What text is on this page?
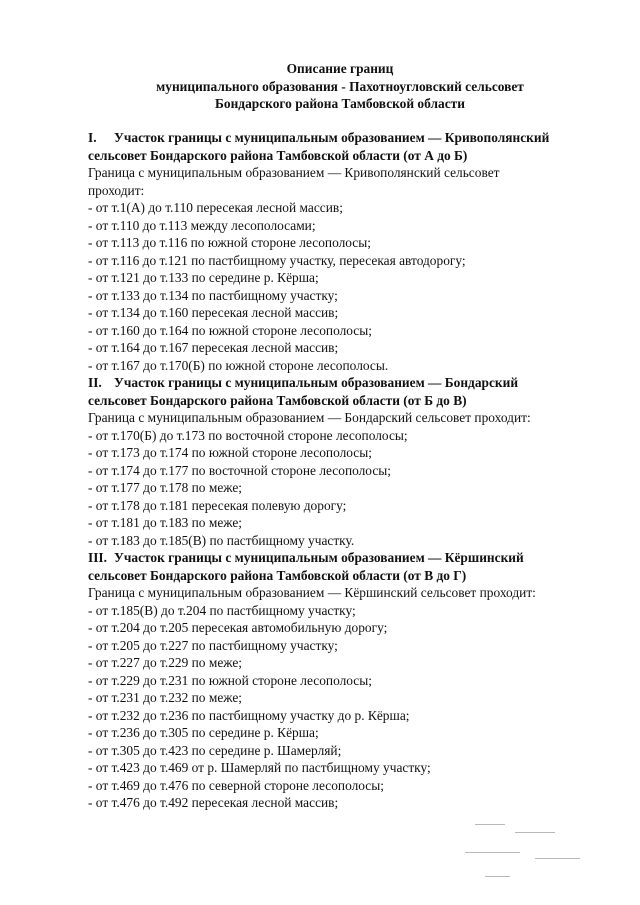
Описание границ
муниципального образования - Пахотноугловский сельсовет
Бондарского района Тамбовской области
I. Участок границы с муниципальным образованием — Кривополянский
сельсовет Бондарского района Тамбовской области (от А до Б)
Граница с муниципальным образованием — Кривополянский сельсовет
проходит:
- от т.1(А) до т.110 пересекая лесной массив;
- от т.110 до т.113 между лесополосами;
- от т.113 до т.116 по южной стороне лесополосы;
- от т.116 до т.121 по пастбищному участку, пересекая автодорогу;
- от т.121 до т.133 по середине р. Кёрша;
- от т.133 до т.134 по пастбищному участку;
- от т.134 до т.160 пересекая лесной массив;
- от т.160 до т.164 по южной стороне лесополосы;
- от т.164 до т.167 пересекая лесной массив;
- от т.167 до т.170(Б) по южной стороне лесополосы.
II. Участок границы с муниципальным образованием — Бондарский
сельсовет Бондарского района Тамбовской области (от Б до В)
Граница с муниципальным образованием — Бондарский сельсовет проходит:
- от т.170(Б) до т.173 по восточной стороне лесополосы;
- от т.173 до т.174 по южной стороне лесополосы;
- от т.174 до т.177 по восточной стороне лесополосы;
- от т.177 до т.178 по меже;
- от т.178 до т.181 пересекая полевую дорогу;
- от т.181 до т.183 по меже;
- от т.183 до т.185(В) по пастбищному участку.
III. Участок границы с муниципальным образованием — Кёршинский
сельсовет Бондарского района Тамбовской области (от В до Г)
Граница с муниципальным образованием — Кёршинский сельсовет проходит:
- от т.185(В) до т.204 по пастбищному участку;
- от т.204 до т.205 пересекая автомобильную дорогу;
- от т.205 до т.227 по пастбищному участку;
- от т.227 до т.229 по меже;
- от т.229 до т.231 по южной стороне лесополосы;
- от т.231 до т.232 по меже;
- от т.232 до т.236 по пастбищному участку до р. Кёрша;
- от т.236 до т.305 по середине р. Кёрша;
- от т.305 до т.423 по середине р. Шамерляй;
- от т.423 до т.469 от р. Шамерляй по пастбищному участку;
- от т.469 до т.476 по северной стороне лесополосы;
- от т.476 до т.492 пересекая лесной массив;
